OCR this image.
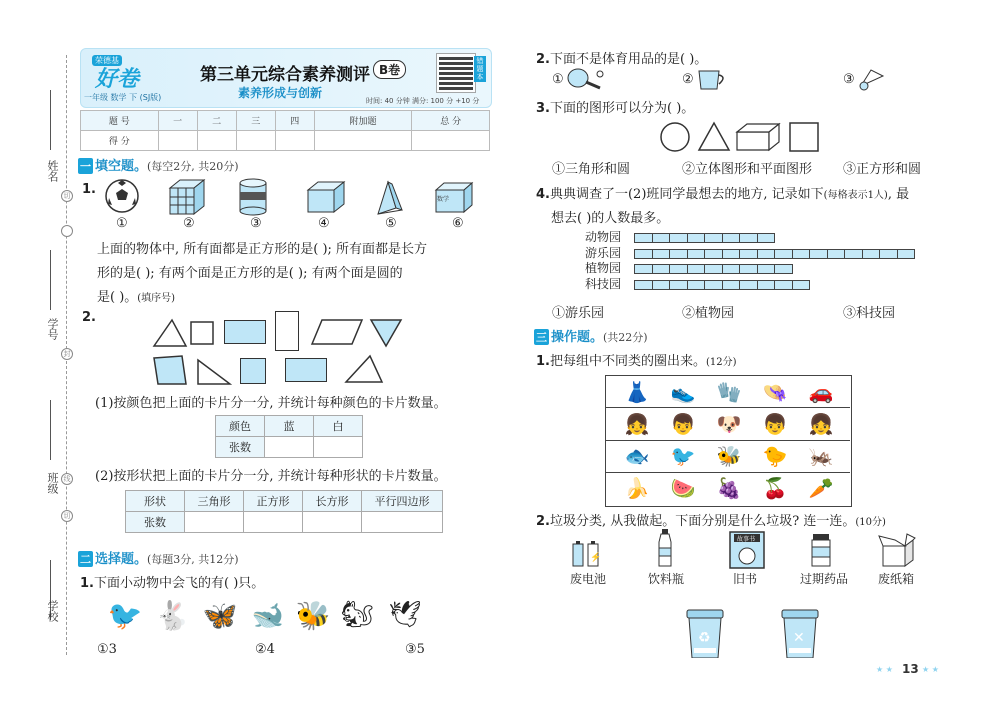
姓名
学号
班级
学校
切
封
线
切
荣德基
好卷
一年级 数学 下 (SJ版)
第三单元综合素养测评 B卷
素养形成与创新
时间: 40 分钟 满分: 100 分 +10 分
错题本
题 号	一	二	三	四	附加题	总 分
得 分						
一 填空题。(每空2分, 共20分)
1.
数学
①	②	③	④	⑤	⑥
上面的物体中, 所有面都是正方形的是( ); 所有面都是长方
形的是( ); 有两个面是正方形的是( ); 有两个面是圆的
是( )。(填序号)
2.
(1)按颜色把上面的卡片分一分, 并统计每种颜色的卡片数量。
颜色	蓝	白
张数		
(2)按形状把上面的卡片分一分, 并统计每种形状的卡片数量。
形状	三角形	正方形	长方形	平行四边形
张数				
二 选择题。(每题3分, 共12分)
1.下面小动物中会飞的有( )只。
🐦 🐇 🦋 🐋 🐝 🐿 🕊
①3	②4	③5
2.下面不是体育用品的是( )。
①	②	③
3.下面的图形可以分为( )。
①三角形和圆	②立体图形和平面图形 ③正方形和圆
4.典典调查了一(2)班同学最想去的地方, 记录如下(每格表示1人), 最
想去( )的人数最多。
动物园
游乐园
植物园
科技园
①游乐园	②植物园	③科技园
三 操作题。(共22分)
1.把每组中不同类的圈出来。(12分)
👗 👟 🧤 👒 🚗
👧 👦 🐶 👦 👧
🐟 🐦 🐝 🐤 🦗
🍌 🍉 🍇 🍒 🥕
2.垃圾分类, 从我做起。下面分别是什么垃圾? 连一连。(10分)
⚡
故事书
废电池	饮料瓶	旧书	过期药品 废纸箱
♻	✕
★ ★ 13 ★ ★
